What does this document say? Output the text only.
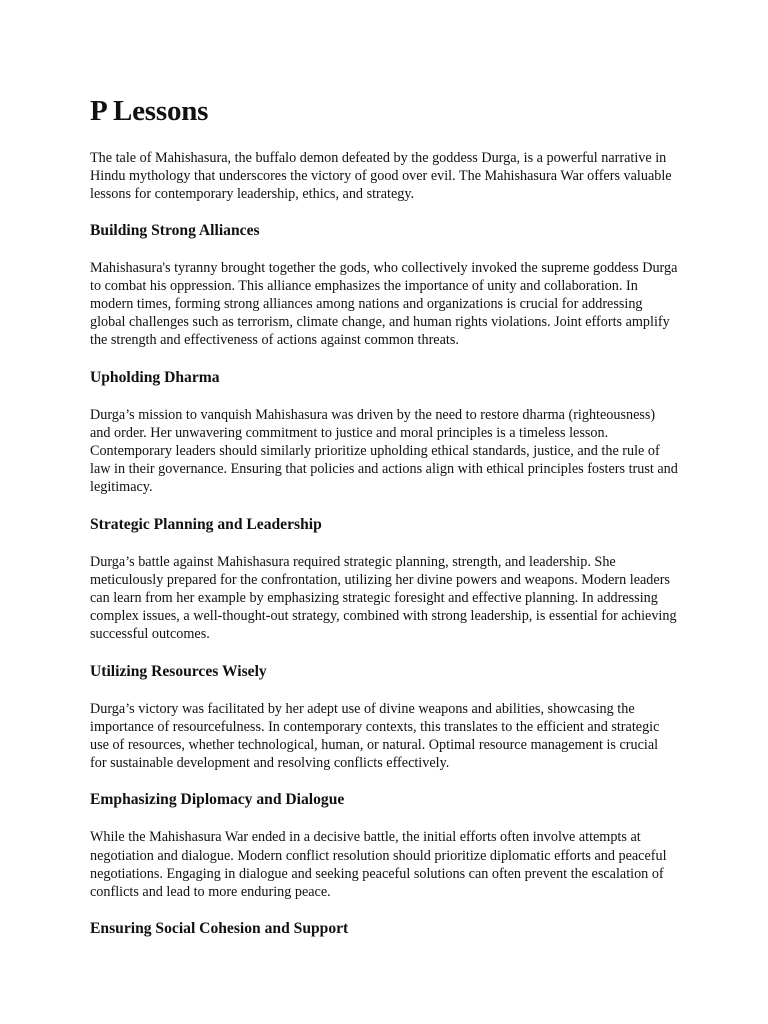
P Lessons

The tale of Mahishasura, the buffalo demon defeated by the goddess Durga, is a powerful narrative in Hindu mythology that underscores the victory of good over evil. The Mahishasura War offers valuable lessons for contemporary leadership, ethics, and strategy.

Building Strong Alliances

Mahishasura's tyranny brought together the gods, who collectively invoked the supreme goddess Durga to combat his oppression. This alliance emphasizes the importance of unity and collaboration. In modern times, forming strong alliances among nations and organizations is crucial for addressing global challenges such as terrorism, climate change, and human rights violations. Joint efforts amplify the strength and effectiveness of actions against common threats.

Upholding Dharma

Durga’s mission to vanquish Mahishasura was driven by the need to restore dharma (righteousness) and order. Her unwavering commitment to justice and moral principles is a timeless lesson. Contemporary leaders should similarly prioritize upholding ethical standards, justice, and the rule of law in their governance. Ensuring that policies and actions align with ethical principles fosters trust and legitimacy.

Strategic Planning and Leadership

Durga’s battle against Mahishasura required strategic planning, strength, and leadership. She meticulously prepared for the confrontation, utilizing her divine powers and weapons. Modern leaders can learn from her example by emphasizing strategic foresight and effective planning. In addressing complex issues, a well-thought-out strategy, combined with strong leadership, is essential for achieving successful outcomes.

Utilizing Resources Wisely

Durga’s victory was facilitated by her adept use of divine weapons and abilities, showcasing the importance of resourcefulness. In contemporary contexts, this translates to the efficient and strategic use of resources, whether technological, human, or natural. Optimal resource management is crucial for sustainable development and resolving conflicts effectively.

Emphasizing Diplomacy and Dialogue

While the Mahishasura War ended in a decisive battle, the initial efforts often involve attempts at negotiation and dialogue. Modern conflict resolution should prioritize diplomatic efforts and peaceful negotiations. Engaging in dialogue and seeking peaceful solutions can often prevent the escalation of conflicts and lead to more enduring peace.

Ensuring Social Cohesion and Support
